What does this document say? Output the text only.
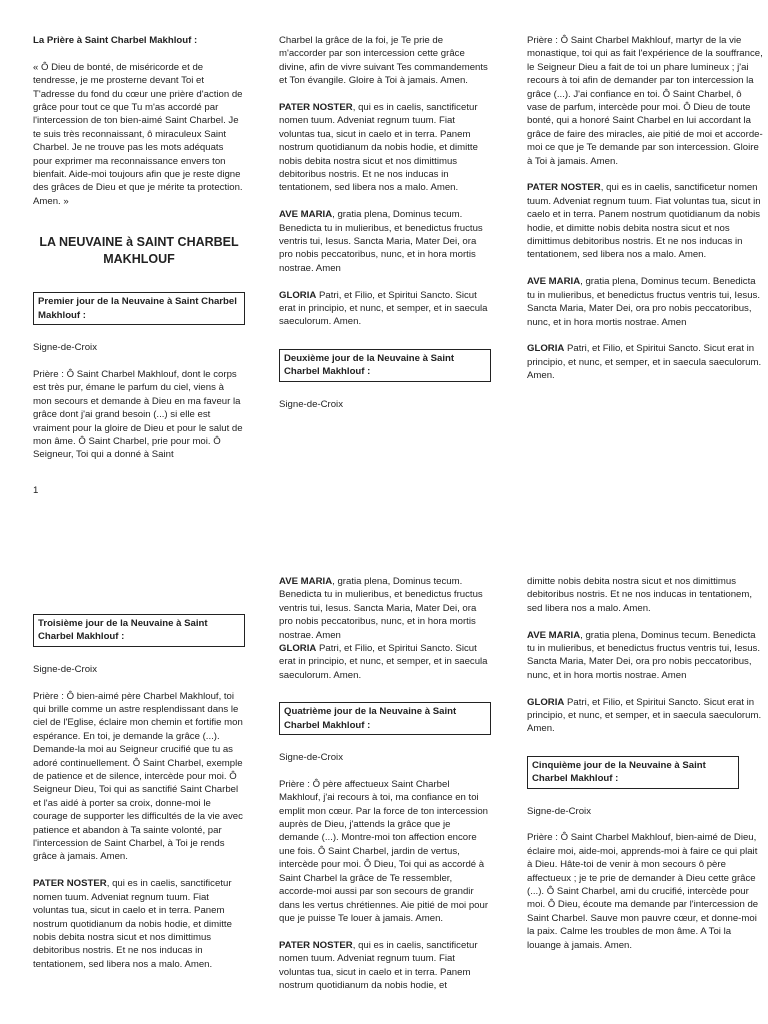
La Prière à Saint Charbel Makhlouf :

« Ô Dieu de bonté, de miséricorde et de tendresse, je me prosterne devant Toi et T'adresse du fond du cœur une prière d'action de grâce pour tout ce que Tu m'as accordé par l'intercession de ton bien-aimé Saint Charbel. Je te suis très reconnaissant, ô miraculeux Saint Charbel. Je ne trouve pas les mots adéquats pour exprimer ma reconnaissance envers ton bienfait. Aide-moi toujours afin que je reste digne des grâces de Dieu et que je mérite ta protection. Amen. »

LA NEUVAINE à SAINT CHARBEL MAKHLOUF
Premier jour de la Neuvaine à Saint Charbel Makhlouf :

Signe-de-Croix

Prière : Ô Saint Charbel Makhlouf, dont le corps est très pur, émane le parfum du ciel, viens à mon secours et demande à Dieu en ma faveur la grâce dont j'ai grand besoin (...) si elle est vraiment pour la gloire de Dieu et pour le salut de mon âme. Ô Saint Charbel, prie pour moi. Ô Seigneur, Toi qui a donné à Saint

1

Charbel la grâce de la foi, je Te prie de m'accorder par son intercession cette grâce divine, afin de vivre suivant Tes commandements et Ton évangile. Gloire à Toi à jamais. Amen.

PATER NOSTER, qui es in caelis, sanctificetur nomen tuum. Adveniat regnum tuum. Fiat voluntas tua, sicut in caelo et in terra. Panem nostrum quotidianum da nobis hodie, et dimitte nobis debita nostra sicut et nos dimittimus debitoribus nostris. Et ne nos inducas in tentationem, sed libera nos a malo. Amen.

AVE MARIA, gratia plena, Dominus tecum. Benedicta tu in mulieribus, et benedictus fructus ventris tui, Iesus. Sancta Maria, Mater Dei, ora pro nobis peccatoribus, nunc, et in hora mortis nostrae. Amen

GLORIA Patri, et Filio, et Spiritui Sancto. Sicut erat in principio, et nunc, et semper, et in saecula saeculorum. Amen.

Deuxième jour de la Neuvaine à Saint Charbel Makhlouf :

Signe-de-Croix

Prière : Ô Saint Charbel Makhlouf, martyr de la vie monastique, toi qui as fait l'expérience de la souffrance, le Seigneur Dieu a fait de toi un phare lumineux ; j'ai recours à toi afin de demander par ton intercession la grâce (...). J'ai confiance en toi. Ô Saint Charbel, ô vase de parfum, intercède pour moi. Ô Dieu de toute bonté, qui a honoré Saint Charbel en lui accordant la grâce de faire des miracles, aie pitié de moi et accorde-moi ce que je Te demande par son intercession. Gloire à Toi à jamais. Amen.

PATER NOSTER, qui es in caelis, sanctificetur nomen tuum. Adveniat regnum tuum. Fiat voluntas tua, sicut in caelo et in terra. Panem nostrum quotidianum da nobis hodie, et dimitte nobis debita nostra sicut et nos dimittimus debitoribus nostris. Et ne nos inducas in tentationem, sed libera nos a malo. Amen.

AVE MARIA, gratia plena, Dominus tecum. Benedicta tu in mulieribus, et benedictus fructus ventris tui, Iesus. Sancta Maria, Mater Dei, ora pro nobis peccatoribus, nunc, et in hora mortis nostrae. Amen

GLORIA Patri, et Filio, et Spiritui Sancto. Sicut erat in principio, et nunc, et semper, et in saecula saeculorum. Amen.

Troisième jour de la Neuvaine à Saint Charbel Makhlouf :

Signe-de-Croix

Prière : Ô bien-aimé père Charbel Makhlouf, toi qui brille comme un astre resplendissant dans le ciel de l'Eglise, éclaire mon chemin et fortifie mon espérance. En toi, je demande la grâce (...). Demande-la moi au Seigneur crucifié que tu as adoré continuellement. Ô Saint Charbel, exemple de patience et de silence, intercède pour moi. Ô Seigneur Dieu, Toi qui as sanctifié Saint Charbel et l'as aidé à porter sa croix, donne-moi le courage de supporter les difficultés de la vie avec patience et abandon à Ta sainte volonté, par l'intercession de Saint Charbel, à Toi je rends grâce à jamais. Amen.

PATER NOSTER, qui es in caelis, sanctificetur nomen tuum. Adveniat regnum tuum. Fiat voluntas tua, sicut in caelo et in terra. Panem nostrum quotidianum da nobis hodie, et dimitte nobis debita nostra sicut et nos dimittimus debitoribus nostris. Et ne nos inducas in tentationem, sed libera nos a malo. Amen.

AVE MARIA, gratia plena, Dominus tecum. Benedicta tu in mulieribus, et benedictus fructus ventris tui, Iesus. Sancta Maria, Mater Dei, ora pro nobis peccatoribus, nunc, et in hora mortis nostrae. Amen

GLORIA Patri, et Filio, et Spiritui Sancto. Sicut erat in principio, et nunc, et semper, et in saecula saeculorum. Amen.

Quatrième jour de la Neuvaine à Saint Charbel Makhlouf :

Signe-de-Croix

Prière : Ô père affectueux Saint Charbel Makhlouf, j'ai recours à toi, ma confiance en toi emplit mon cœur. Par la force de ton intercession auprès de Dieu, j'attends la grâce que je demande (...). Montre-moi ton affection encore une fois. Ô Saint Charbel, jardin de vertus, intercède pour moi. Ô Dieu, Toi qui as accordé à Saint Charbel la grâce de Te ressembler, accorde-moi aussi par son secours de grandir dans les vertus chrétiennes. Aie pitié de moi pour que je puisse Te louer à jamais. Amen.

PATER NOSTER, qui es in caelis, sanctificetur nomen tuum. Adveniat regnum tuum. Fiat voluntas tua, sicut in caelo et in terra. Panem nostrum quotidianum da nobis hodie, et

dimitte nobis debita nostra sicut et nos dimittimus debitoribus nostris. Et ne nos inducas in tentationem, sed libera nos a malo. Amen.

AVE MARIA, gratia plena, Dominus tecum. Benedicta tu in mulieribus, et benedictus fructus ventris tui, Iesus. Sancta Maria, Mater Dei, ora pro nobis peccatoribus, nunc, et in hora mortis nostrae. Amen

GLORIA Patri, et Filio, et Spiritui Sancto. Sicut erat in principio, et nunc, et semper, et in saecula saeculorum. Amen.

Cinquième jour de la Neuvaine à Saint Charbel Makhlouf :

Signe-de-Croix

Prière : Ô Saint Charbel Makhlouf, bien-aimé de Dieu, éclaire moi, aide-moi, apprends-moi à faire ce qui plait à Dieu. Hâte-toi de venir à mon secours ô père affectueux ; je te prie de demander à Dieu cette grâce (...). Ô Saint Charbel, ami du crucifié, intercède pour moi. Ô Dieu, écoute ma demande par l'intercession de Saint Charbel. Sauve mon pauvre cœur, et donne-moi la paix. Calme les troubles de mon âme. A Toi la louange à jamais. Amen.
